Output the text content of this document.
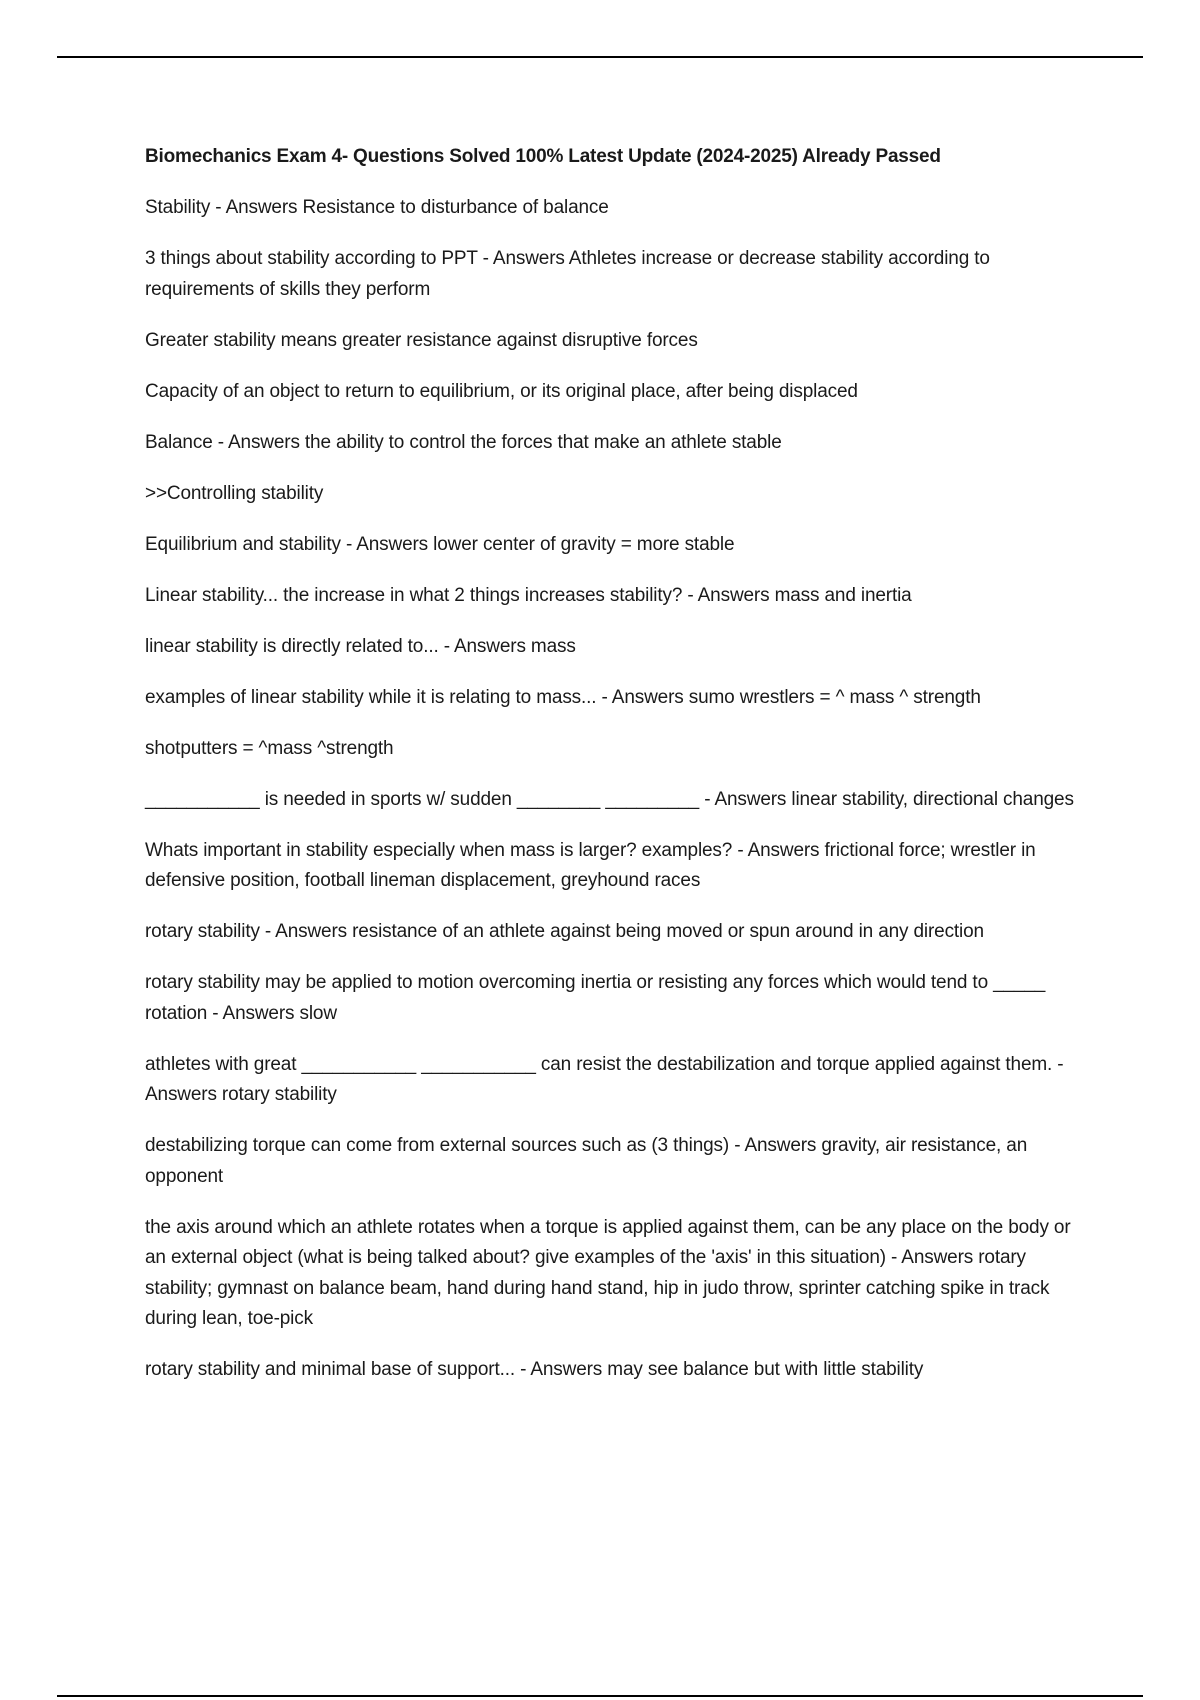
Biomechanics Exam 4- Questions Solved 100% Latest Update (2024-2025) Already Passed

Stability - Answers Resistance to disturbance of balance

3 things about stability according to PPT - Answers Athletes increase or decrease stability according to requirements of skills they perform

Greater stability means greater resistance against disruptive forces

Capacity of an object to return to equilibrium, or its original place, after being displaced

Balance - Answers the ability to control the forces that make an athlete stable

>>Controlling stability

Equilibrium and stability - Answers lower center of gravity = more stable

Linear stability... the increase in what 2 things increases stability? - Answers mass and inertia

linear stability is directly related to... - Answers mass

examples of linear stability while it is relating to mass... - Answers sumo wrestlers = ^ mass ^ strength

shotputters = ^mass ^strength

___________ is needed in sports w/ sudden ________ _________ - Answers linear stability, directional changes

Whats important in stability especially when mass is larger? examples? - Answers frictional force; wrestler in defensive position, football lineman displacement, greyhound races

rotary stability - Answers resistance of an athlete against being moved or spun around in any direction

rotary stability may be applied to motion overcoming inertia or resisting any forces which would tend to _____ rotation - Answers slow

athletes with great ___________ ___________ can resist the destabilization and torque applied against them. - Answers rotary stability

destabilizing torque can come from external sources such as (3 things) - Answers gravity, air resistance, an opponent

the axis around which an athlete rotates when a torque is applied against them, can be any place on the body or an external object (what is being talked about? give examples of the 'axis' in this situation) - Answers rotary stability; gymnast on balance beam, hand during hand stand, hip in judo throw, sprinter catching spike in track during lean, toe-pick

rotary stability and minimal base of support... - Answers may see balance but with little stability
